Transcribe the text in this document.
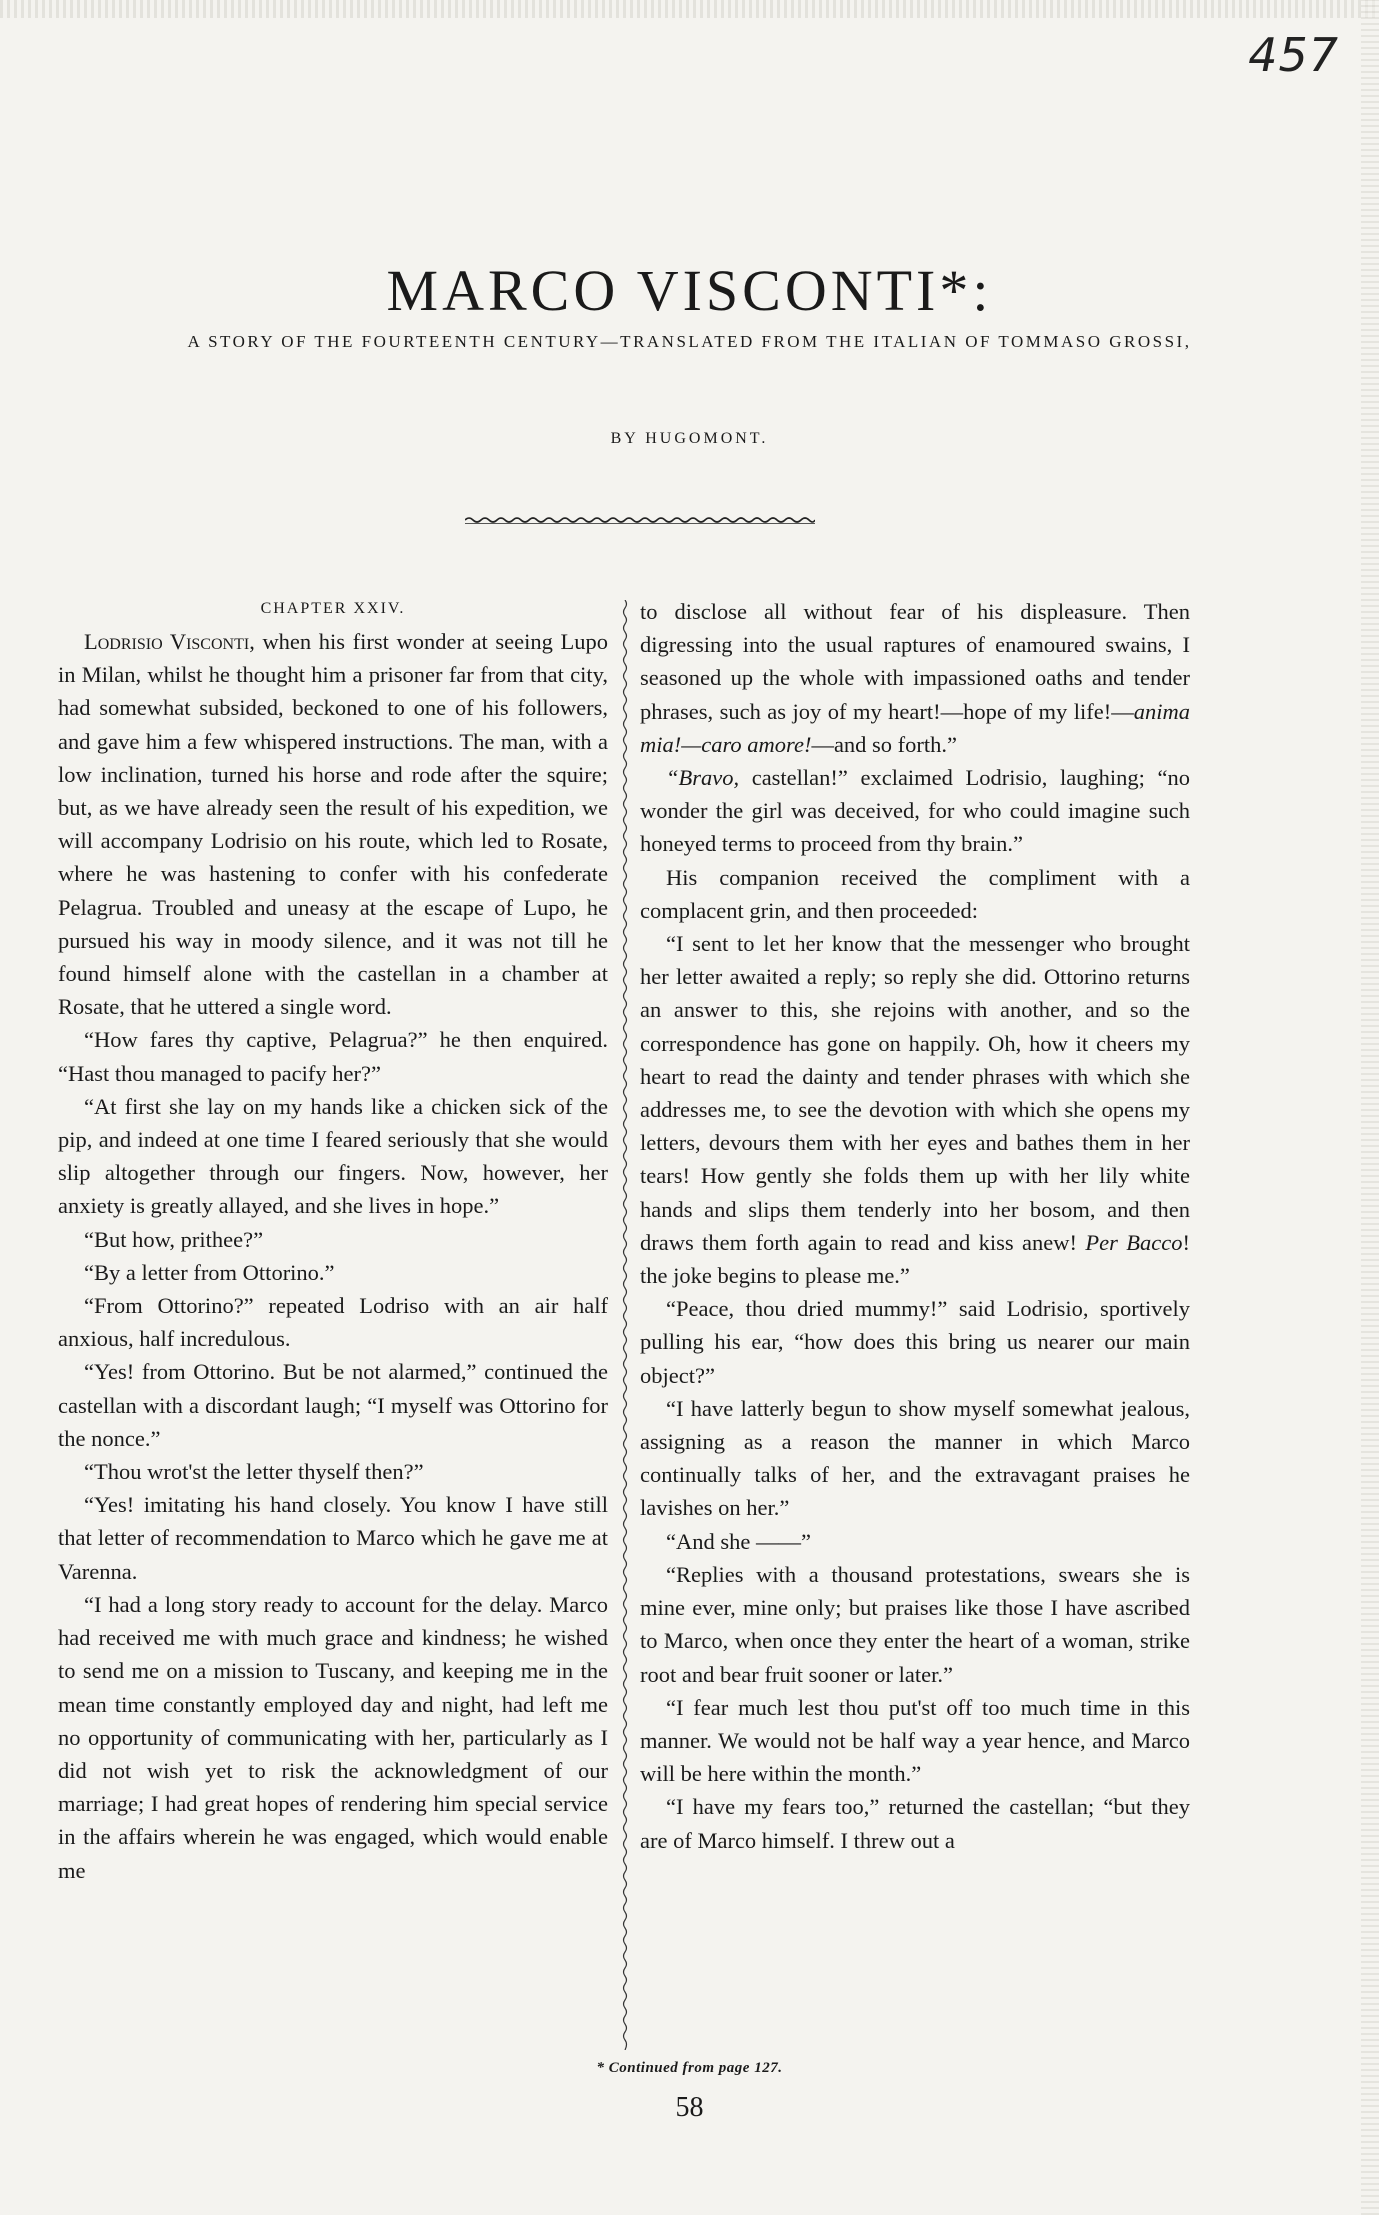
457
MARCO VISCONTI*:
A STORY OF THE FOURTEENTH CENTURY—TRANSLATED FROM THE ITALIAN OF TOMMASO GROSSI,
BY HUGOMONT.

CHAPTER XXIV.

Lodrisio Visconti, when his first wonder at seeing Lupo in Milan, whilst he thought him a prisoner far from that city, had somewhat subsided, beckoned to one of his followers, and gave him a few whispered instructions. The man, with a low inclination, turned his horse and rode after the squire; but, as we have already seen the result of his expedition, we will accompany Lodrisio on his route, which led to Rosate, where he was hastening to confer with his confederate Pelagrua. Troubled and uneasy at the escape of Lupo, he pursued his way in moody silence, and it was not till he found himself alone with the castellan in a chamber at Rosate, that he uttered a single word.

“How fares thy captive, Pelagrua?” he then enquired. “Hast thou managed to pacify her?”

“At first she lay on my hands like a chicken sick of the pip, and indeed at one time I feared seriously that she would slip altogether through our fingers. Now, however, her anxiety is greatly allayed, and she lives in hope.”

“But how, prithee?”

“By a letter from Ottorino.”

“From Ottorino?” repeated Lodriso with an air half anxious, half incredulous.

“Yes! from Ottorino. But be not alarmed,” continued the castellan with a discordant laugh; “I myself was Ottorino for the nonce.”

“Thou wrot'st the letter thyself then?”

“Yes! imitating his hand closely. You know I have still that letter of recommendation to Marco which he gave me at Varenna.

“I had a long story ready to account for the delay. Marco had received me with much grace and kindness; he wished to send me on a mission to Tuscany, and keeping me in the mean time constantly employed day and night, had left me no opportunity of communicating with her, particularly as I did not wish yet to risk the acknowledgment of our marriage; I had great hopes of rendering him special service in the affairs wherein he was engaged, which would enable me

to disclose all without fear of his displeasure. Then digressing into the usual raptures of enamoured swains, I seasoned up the whole with impassioned oaths and tender phrases, such as joy of my heart!—hope of my life!—anima mia!—caro amore!—and so forth.”

“Bravo, castellan!” exclaimed Lodrisio, laughing; “no wonder the girl was deceived, for who could imagine such honeyed terms to proceed from thy brain.”

His companion received the compliment with a complacent grin, and then proceeded:

“I sent to let her know that the messenger who brought her letter awaited a reply; so reply she did. Ottorino returns an answer to this, she rejoins with another, and so the correspondence has gone on happily. Oh, how it cheers my heart to read the dainty and tender phrases with which she addresses me, to see the devotion with which she opens my letters, devours them with her eyes and bathes them in her tears! How gently she folds them up with her lily white hands and slips them tenderly into her bosom, and then draws them forth again to read and kiss anew! Per Bacco! the joke begins to please me.”

“Peace, thou dried mummy!” said Lodrisio, sportively pulling his ear, “how does this bring us nearer our main object?”

“I have latterly begun to show myself somewhat jealous, assigning as a reason the manner in which Marco continually talks of her, and the extravagant praises he lavishes on her.”

“And she ——”

“Replies with a thousand protestations, swears she is mine ever, mine only; but praises like those I have ascribed to Marco, when once they enter the heart of a woman, strike root and bear fruit sooner or later.”

“I fear much lest thou put'st off too much time in this manner. We would not be half way a year hence, and Marco will be here within the month.”

“I have my fears too,” returned the castellan; “but they are of Marco himself. I threw out a

* Continued from page 127.
58
